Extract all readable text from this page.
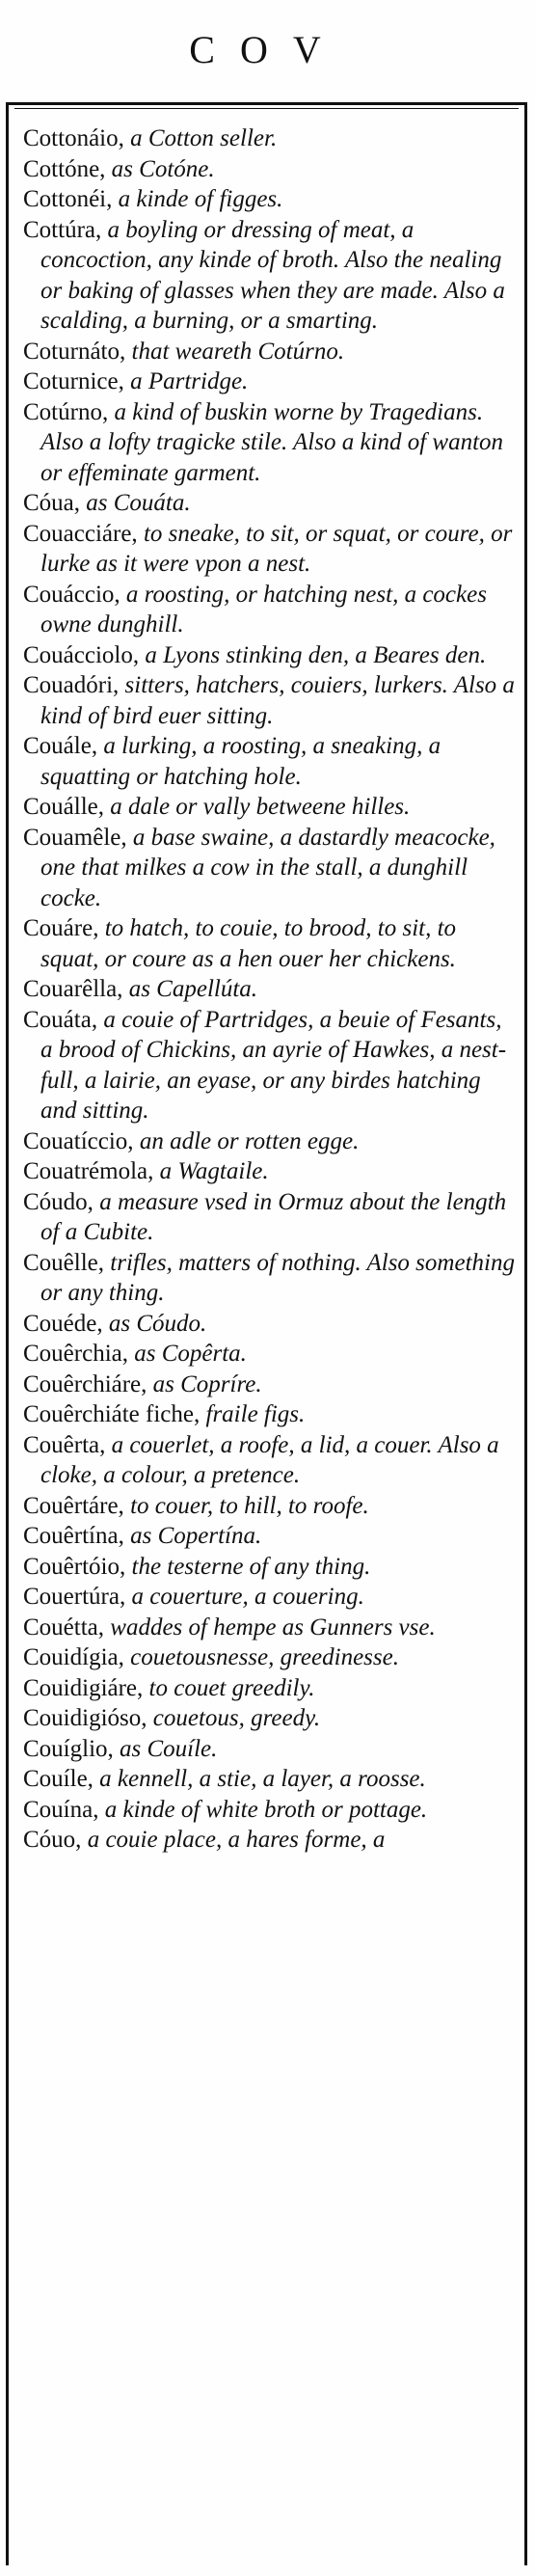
COV

Cottonáio, a Cotton seller.

Cottóne, as Cotóne.

Cottonéi, a kinde of figges.

Cottúra, a boyling or dressing of meat, a concoction, any kinde of broth. Also the nealing or baking of glasses when they are made. Also a scalding, a burning, or a smarting.

Coturnáto, that weareth Cotúrno.

Coturnice, a Partridge.

Cotúrno, a kind of buskin worne by Tragedians. Also a lofty tragicke stile. Also a kind of wanton or effeminate garment.

Cóua, as Couáta.

Couacciáre, to sneake, to sit, or squat, or coure, or lurke as it were vpon a nest.

Couáccio, a roosting, or hatching nest, a cockes owne dunghill.

Couácciolo, a Lyons stinking den, a Beares den.

Couadóri, sitters, hatchers, couiers, lurkers. Also a kind of bird euer sitting.

Couále, a lurking, a roosting, a sneaking, a squatting or hatching hole.

Couálle, a dale or vally betweene hilles.

Couamêle, a base swaine, a dastardly meacocke, one that milkes a cow in the stall, a dunghill cocke.

Couáre, to hatch, to couie, to brood, to sit, to squat, or coure as a hen ouer her chickens.

Couarêlla, as Capellúta.

Couáta, a couie of Partridges, a beuie of Fesants, a brood of Chickins, an ayrie of Hawkes, a nest-full, a lairie, an eyase, or any birdes hatching and sitting.

Couatíccio, an adle or rotten egge.

Couatrémola, a Wagtaile.

Cóudo, a measure vsed in Ormuz about the length of a Cubite.

Couêlle, trifles, matters of nothing. Also something or any thing.

Couéde, as Cóudo.

Couêrchia, as Copêrta.

Couêrchiáre, as Copríre.

Couêrchiáte fiche, fraile figs.

Couêrta, a couerlet, a roofe, a lid, a couer. Also a cloke, a colour, a pretence.

Couêrtáre, to couer, to hill, to roofe.

Couêrtína, as Copertína.

Couêrtóio, the testerne of any thing.

Couertúra, a couerture, a couering.

Couétta, waddes of hempe as Gunners vse.

Couidígia, couetousnesse, greedinesse.

Couidigiáre, to couet greedily.

Couidigióso, couetous, greedy.

Couíglio, as Couíle.

Couíle, a kennell, a stie, a layer, a roosse.

Couína, a kinde of white broth or pottage.

Cóuo, a couie place, a hares forme, a
